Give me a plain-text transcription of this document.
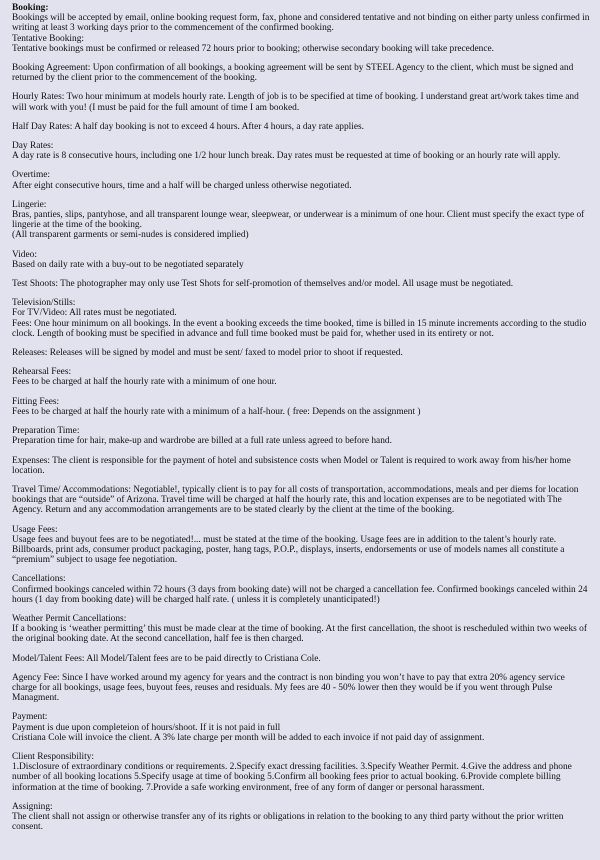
Booking:

Bookings will be accepted by email, online booking request form, fax, phone and considered tentative and not binding on either party unless confirmed in writing at least 3 working days prior to the commencement of the confirmed booking.

Tentative Booking:

Tentative bookings must be confirmed or released 72 hours prior to booking; otherwise secondary booking will take precedence.

Booking Agreement: Upon confirmation of all bookings, a booking agreement will be sent by STEEL Agency to the client, which must be signed and returned by the client prior to the commencement of the booking.

Hourly Rates: Two hour minimum at models hourly rate. Length of job is to be specified at time of booking. I understand great art/work takes time and will work with you! (I must be paid for the full amount of time I am booked.

Half Day Rates: A half day booking is not to exceed 4 hours. After 4 hours, a day rate applies.

Day Rates:

A day rate is 8 consecutive hours, including one 1/2 hour lunch break. Day rates must be requested at time of booking or an hourly rate will apply.

Overtime:

After eight consecutive hours, time and a half will be charged unless otherwise negotiated.

Lingerie:

Bras, panties, slips, pantyhose, and all transparent lounge wear, sleepwear, or underwear is a minimum of one hour. Client must specify the exact type of lingerie at the time of the booking.

(All transparent garments or semi-nudes is considered implied)

Video:

Based on daily rate with a buy-out to be negotiated separately

Test Shoots: The photographer may only use Test Shots for self-promotion of themselves and/or model. All usage must be negotiated.

Television/Stills:

For TV/Video: All rates must be negotiated.

Fees: One hour minimum on all bookings. In the event a booking exceeds the time booked, time is billed in 15 minute increments according to the studio clock. Length of booking must be specified in advance and full time booked must be paid for, whether used in its entirety or not.

Releases: Releases will be signed by model and must be sent/ faxed to model prior to shoot if requested.

Rehearsal Fees:

Fees to be charged at half the hourly rate with a minimum of one hour.

Fitting Fees:

Fees to be charged at half the hourly rate with a minimum of a half-hour. ( free: Depends on the assignment )

Preparation Time:

Preparation time for hair, make-up and wardrobe are billed at a full rate unless agreed to before hand.

Expenses: The client is responsible for the payment of hotel and subsistence costs when Model or Talent is required to work away from his/her home location.

Travel Time/ Accommodations: Negotiable!, typically client is to pay for all costs of transportation, accommodations, meals and per diems for location bookings that are “outside” of Arizona. Travel time will be charged at half the hourly rate, this and location expenses are to be negotiated with The Agency. Return and any accommodation arrangements are to be stated clearly by the client at the time of the booking.

Usage Fees:

Usage fees and buyout fees are to be negotiated!... must be stated at the time of the booking. Usage fees are in addition to the talent’s hourly rate. Billboards, print ads, consumer product packaging, poster, hang tags, P.O.P., displays, inserts, endorsements or use of models names all constitute a “premium” subject to usage fee negotiation.

Cancellations:

Confirmed bookings canceled within 72 hours (3 days from booking date) will not be charged a cancellation fee. Confirmed bookings canceled within 24 hours (1 day from booking date) will be charged half rate. ( unless it is completely unanticipated!)

Weather Permit Cancellations:

If a booking is ‘weather permitting’ this must be made clear at the time of booking. At the first cancellation, the shoot is rescheduled within two weeks of the original booking date. At the second cancellation, half fee is then charged.

Model/Talent Fees: All Model/Talent fees are to be paid directly to Cristiana Cole.

Agency Fee: Since I have worked around my agency for years and the contract is non binding you won’t have to pay that extra 20% agency service charge for all bookings, usage fees, buyout fees, reuses and residuals. My fees are 40 - 50% lower then they would be if you went through Pulse Managment.

Payment:

Payment is due upon completeion of hours/shoot. If it is not paid in full

Cristiana Cole will invoice the client. A 3% late charge per month will be added to each invoice if not paid day of assignment.

Client Responsibility:

1.Disclosure of extraordinary conditions or requirements. 2.Specify exact dressing facilities. 3.Specify Weather Permit. 4.Give the address and phone number of all booking locations 5.Specify usage at time of booking 5.Confirm all booking fees prior to actual booking. 6.Provide complete billing information at the time of booking. 7.Provide a safe working environment, free of any form of danger or personal harassment.

Assigning:

The client shall not assign or otherwise transfer any of its rights or obligations in relation to the booking to any third party without the prior written consent.
